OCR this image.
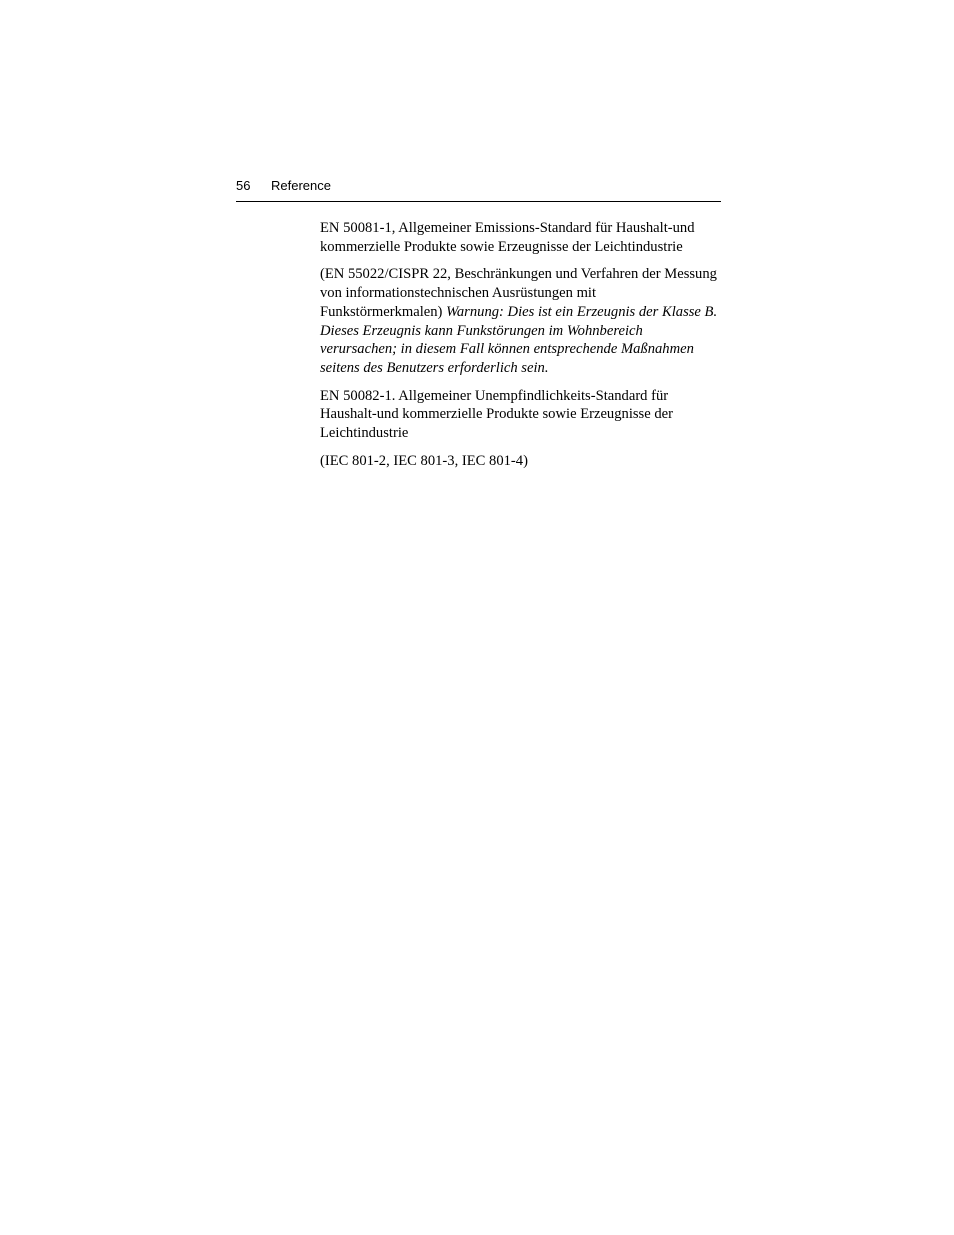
56 Reference

EN 50081-1, Allgemeiner Emissions-Standard für Haushalt-und kommerzielle Produkte sowie Erzeugnisse der Leichtindustrie

(EN 55022/CISPR 22, Beschränkungen und Verfahren der Messung von informationstechnischen Ausrüstungen mit Funkstörmerkmalen) Warnung: Dies ist ein Erzeugnis der Klasse B. Dieses Erzeugnis kann Funkstörungen im Wohnbereich verursachen; in diesem Fall können entsprechende Maßnahmen seitens des Benutzers erforderlich sein.

EN 50082-1. Allgemeiner Unempfindlichkeits-Standard für Haushalt-und kommerzielle Produkte sowie Erzeugnisse der Leichtindustrie

(IEC 801-2, IEC 801-3, IEC 801-4)
